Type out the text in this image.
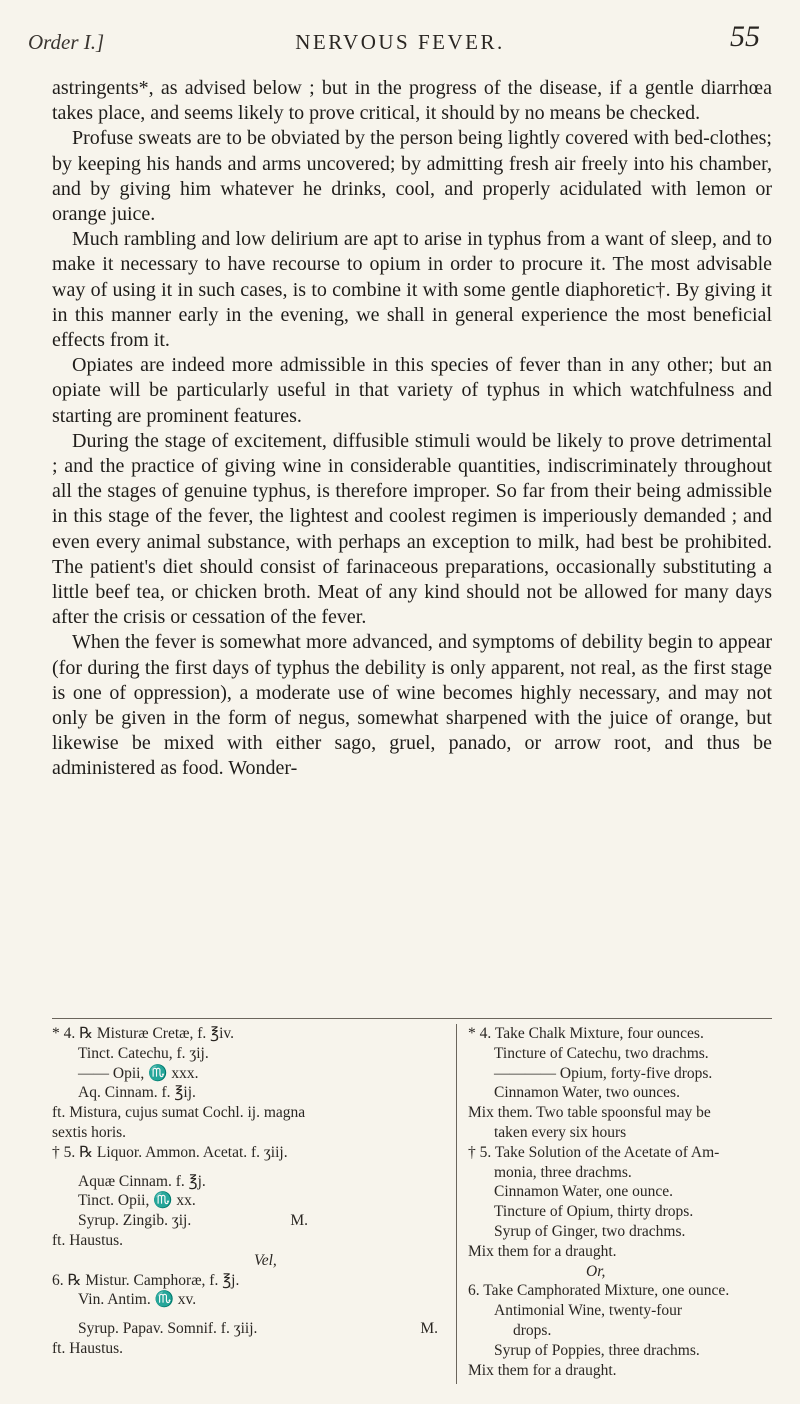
Order I.]	NERVOUS FEVER.	55

astringents*, as advised below ; but in the progress of the disease, if a gentle diarrhœa takes place, and seems likely to prove critical, it should by no means be checked.

Profuse sweats are to be obviated by the person being lightly covered with bed-clothes; by keeping his hands and arms uncovered; by admitting fresh air freely into his chamber, and by giving him whatever he drinks, cool, and properly acidulated with lemon or orange juice.

Much rambling and low delirium are apt to arise in typhus from a want of sleep, and to make it necessary to have recourse to opium in order to procure it. The most advisable way of using it in such cases, is to combine it with some gentle diaphoretic†. By giving it in this manner early in the evening, we shall in general experience the most beneficial effects from it.

Opiates are indeed more admissible in this species of fever than in any other; but an opiate will be particularly useful in that variety of typhus in which watchfulness and starting are prominent features.

During the stage of excitement, diffusible stimuli would be likely to prove detrimental ; and the practice of giving wine in considerable quantities, indiscriminately throughout all the stages of genuine typhus, is therefore improper. So far from their being admissible in this stage of the fever, the lightest and coolest regimen is imperiously demanded ; and even every animal substance, with perhaps an exception to milk, had best be prohibited. The patient's diet should consist of farinaceous preparations, occasionally substituting a little beef tea, or chicken broth. Meat of any kind should not be allowed for many days after the crisis or cessation of the fever.

When the fever is somewhat more advanced, and symptoms of debility begin to appear (for during the first days of typhus the debility is only apparent, not real, as the first stage is one of oppression), a moderate use of wine becomes highly necessary, and may not only be given in the form of negus, somewhat sharpened with the juice of orange, but likewise be mixed with either sago, gruel, panado, or arrow root, and thus be administered as food. Wonder-

* 4. ℞ Misturæ Cretæ, f. ℥iv.
Tinct. Catechu, f. ʒij.
—— Opii, ♏ xxx.
Aq. Cinnam. f. ℥ij.
ft. Mistura, cujus sumat Cochl. ij. magna
sextis horis.
† 5. ℞ Liquor. Ammon. Acetat. f. ʒiij.
Aquæ Cinnam. f. ℥j.
Tinct. Opii, ♏ xx.
Syrup. Zingib. ʒij.	M.
ft. Haustus.
Vel,
6. ℞ Mistur. Camphoræ, f. ℥j.
Vin. Antim. ♏ xv.
Syrup. Papav. Somnif. f. ʒiij.	M.
ft. Haustus.
* 4. Take Chalk Mixture, four ounces.
Tincture of Catechu, two drachms.
———— Opium, forty-five drops.
Cinnamon Water, two ounces.
Mix them. Two table spoonsful may be
taken every six hours
† 5. Take Solution of the Acetate of Am-
monia, three drachms.
Cinnamon Water, one ounce.
Tincture of Opium, thirty drops.
Syrup of Ginger, two drachms.
Mix them for a draught.
Or,
6. Take Camphorated Mixture, one ounce.
Antimonial Wine, twenty-four
drops.
Syrup of Poppies, three drachms.
Mix them for a draught.
